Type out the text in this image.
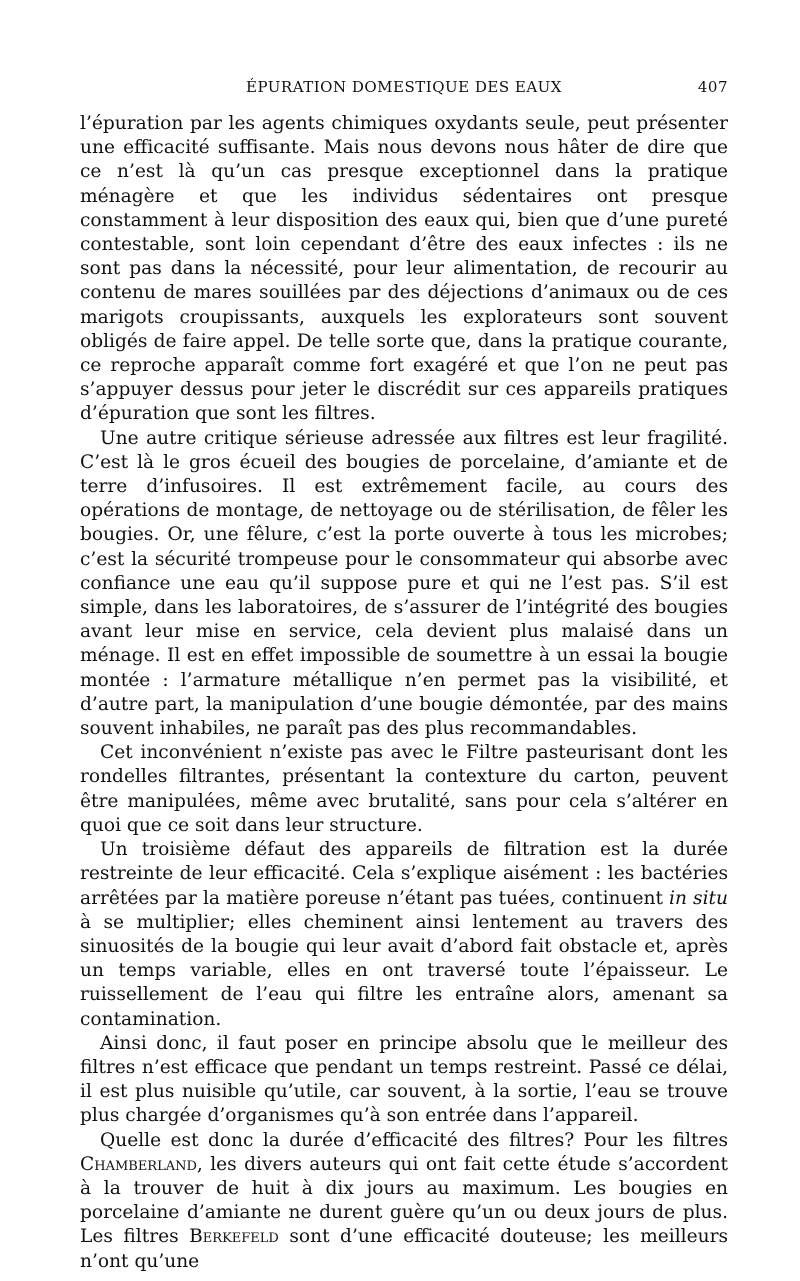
ÉPURATION DOMESTIQUE DES EAUX	407

l’épuration par les agents chimiques oxydants seule, peut présenter une efficacité suffisante. Mais nous devons nous hâter de dire que ce n’est là qu’un cas presque exceptionnel dans la pratique ménagère et que les individus sédentaires ont presque constamment à leur disposition des eaux qui, bien que d’une pureté contestable, sont loin cependant d’être des eaux infectes : ils ne sont pas dans la nécessité, pour leur alimentation, de recourir au contenu de mares souillées par des déjections d’animaux ou de ces marigots croupissants, auxquels les explorateurs sont souvent obligés de faire appel. De telle sorte que, dans la pratique courante, ce reproche apparaît comme fort exagéré et que l’on ne peut pas s’appuyer dessus pour jeter le discrédit sur ces appareils pratiques d’épuration que sont les filtres.

Une autre critique sérieuse adressée aux filtres est leur fragilité. C’est là le gros écueil des bougies de porcelaine, d’amiante et de terre d’infusoires. Il est extrêmement facile, au cours des opérations de montage, de nettoyage ou de stérilisation, de fêler les bougies. Or, une fêlure, c’est la porte ouverte à tous les microbes; c’est la sécurité trompeuse pour le consommateur qui absorbe avec confiance une eau qu’il suppose pure et qui ne l’est pas. S’il est simple, dans les laboratoires, de s’assurer de l’intégrité des bougies avant leur mise en service, cela devient plus malaisé dans un ménage. Il est en effet impossible de soumettre à un essai la bougie montée : l’armature métallique n’en permet pas la visibilité, et d’autre part, la manipulation d’une bougie démontée, par des mains souvent inhabiles, ne paraît pas des plus recommandables.

Cet inconvénient n’existe pas avec le Filtre pasteurisant dont les rondelles filtrantes, présentant la contexture du carton, peuvent être manipulées, même avec brutalité, sans pour cela s’altérer en quoi que ce soit dans leur structure.

Un troisième défaut des appareils de filtration est la durée restreinte de leur efficacité. Cela s’explique aisément : les bactéries arrêtées par la matière poreuse n’étant pas tuées, continuent in situ à se multiplier; elles cheminent ainsi lentement au travers des sinuosités de la bougie qui leur avait d’abord fait obstacle et, après un temps variable, elles en ont traversé toute l’épaisseur. Le ruissellement de l’eau qui filtre les entraîne alors, amenant sa contamination.

Ainsi donc, il faut poser en principe absolu que le meilleur des filtres n’est efficace que pendant un temps restreint. Passé ce délai, il est plus nuisible qu’utile, car souvent, à la sortie, l’eau se trouve plus chargée d’organismes qu’à son entrée dans l’appareil.

Quelle est donc la durée d’efficacité des filtres? Pour les filtres Chamberland, les divers auteurs qui ont fait cette étude s’accordent à la trouver de huit à dix jours au maximum. Les bougies en porcelaine d’amiante ne durent guère qu’un ou deux jours de plus. Les filtres Berkefeld sont d’une efficacité douteuse; les meilleurs n’ont qu’une
